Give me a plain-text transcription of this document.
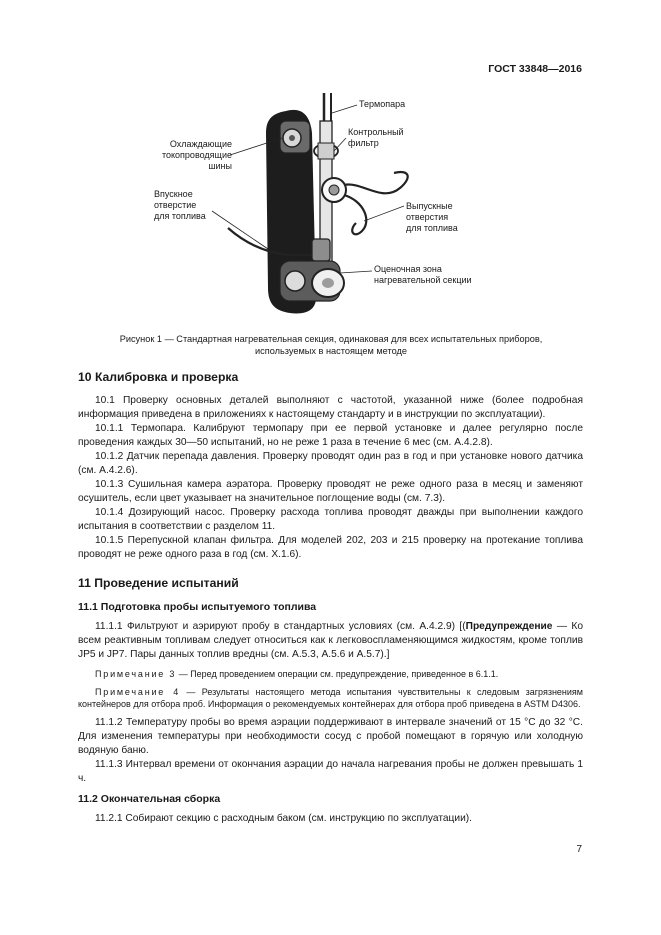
ГОСТ 33848—2016
Термопара
Контрольный
фильтр
Охлаждающие
токопроводящие
шины
Впускное
отверстие
для топлива
Выпускные
отверстия
для топлива
Оценочная зона
нагревательной секции
Рисунок 1 — Стандартная нагревательная секция, одинаковая для всех испытательных приборов,
используемых в настоящем методе
10 Калибровка и проверка

10.1 Проверку основных деталей выполняют с частотой, указанной ниже (более подробная информация приведена в приложениях к настоящему стандарту и в инструкции по эксплуатации).

10.1.1 Термопара. Калибруют термопару при ее первой установке и далее регулярно после проведения каждых 30—50 испытаний, но не реже 1 раза в течение 6 мес (см. А.4.2.8).

10.1.2 Датчик перепада давления. Проверку проводят один раз в год и при установке нового датчика (см. А.4.2.6).

10.1.3 Сушильная камера аэратора. Проверку проводят не реже одного раза в месяц и заменяют осушитель, если цвет указывает на значительное поглощение воды (см. 7.3).

10.1.4 Дозирующий насос. Проверку расхода топлива проводят дважды при выполнении каждого испытания в соответствии с разделом 11.

10.1.5 Перепускной клапан фильтра. Для моделей 202, 203 и 215 проверку на протекание топлива проводят не реже одного раза в год (см. X.1.6).

11 Проведение испытаний
11.1 Подготовка пробы испытуемого топлива

11.1.1 Фильтруют и аэрируют пробу в стандартных условиях (см. А.4.2.9) [(Предупреждение — Ко всем реактивным топливам следует относиться как к легковоспламеняющимся жидкостям, кроме топлив JP5 и JP7. Пары данных топлив вредны (см. А.5.3, А.5.6 и А.5.7).]

Примечание 3 — Перед проведением операции см. предупреждение, приведенное в 6.1.1.

Примечание 4 — Результаты настоящего метода испытания чувствительны к следовым загрязнениям контейнеров для отбора проб. Информация о рекомендуемых контейнерах для отбора проб приведена в ASTM D4306.

11.1.2 Температуру пробы во время аэрации поддерживают в интервале значений от 15 °С до 32 °С. Для изменения температуры при необходимости сосуд с пробой помещают в горячую или холодную водяную баню.

11.1.3 Интервал времени от окончания аэрации до начала нагревания пробы не должен превышать 1 ч.

11.2 Окончательная сборка

11.2.1 Собирают секцию с расходным баком (см. инструкцию по эксплуатации).

7
